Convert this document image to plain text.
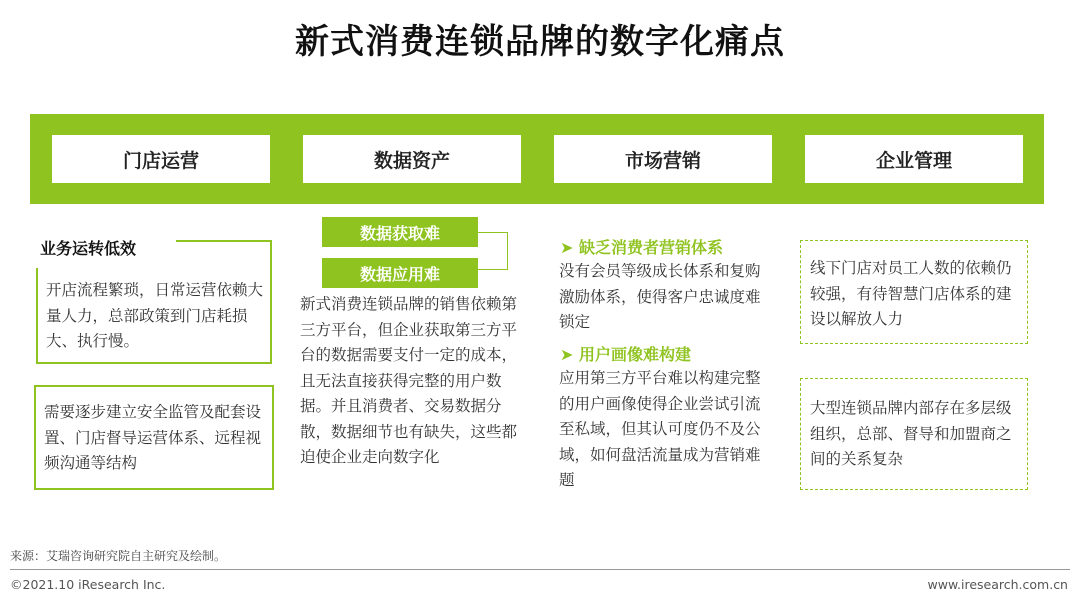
新式消费连锁品牌的数字化痛点
门店运营	数据资产	市场营销	企业管理
业务运转低效
开店流程繁琐，日常运营依赖大量人力，总部政策到门店耗损大、执行慢。
需要逐步建立安全监管及配套设置、门店督导运营体系、远程视频沟通等结构
数据获取难
数据应用难
新式消费连锁品牌的销售依赖第三方平台，但企业获取第三方平台的数据需要支付一定的成本，且无法直接获得完整的用户数据。并且消费者、交易数据分散，数据细节也有缺失，这些都迫使企业走向数字化
➤ 缺乏消费者营销体系
没有会员等级成长体系和复购激励体系，使得客户忠诚度难锁定
➤ 用户画像难构建
应用第三方平台难以构建完整的用户画像使得企业尝试引流至私域，但其认可度仍不及公域，如何盘活流量成为营销难题
线下门店对员工人数的依赖仍较强，有待智慧门店体系的建设以解放人力
大型连锁品牌内部存在多层级组织，总部、督导和加盟商之间的关系复杂
来源：艾瑞咨询研究院自主研究及绘制。
©2021.10 iResearch Inc.	www.iresearch.com.cn
